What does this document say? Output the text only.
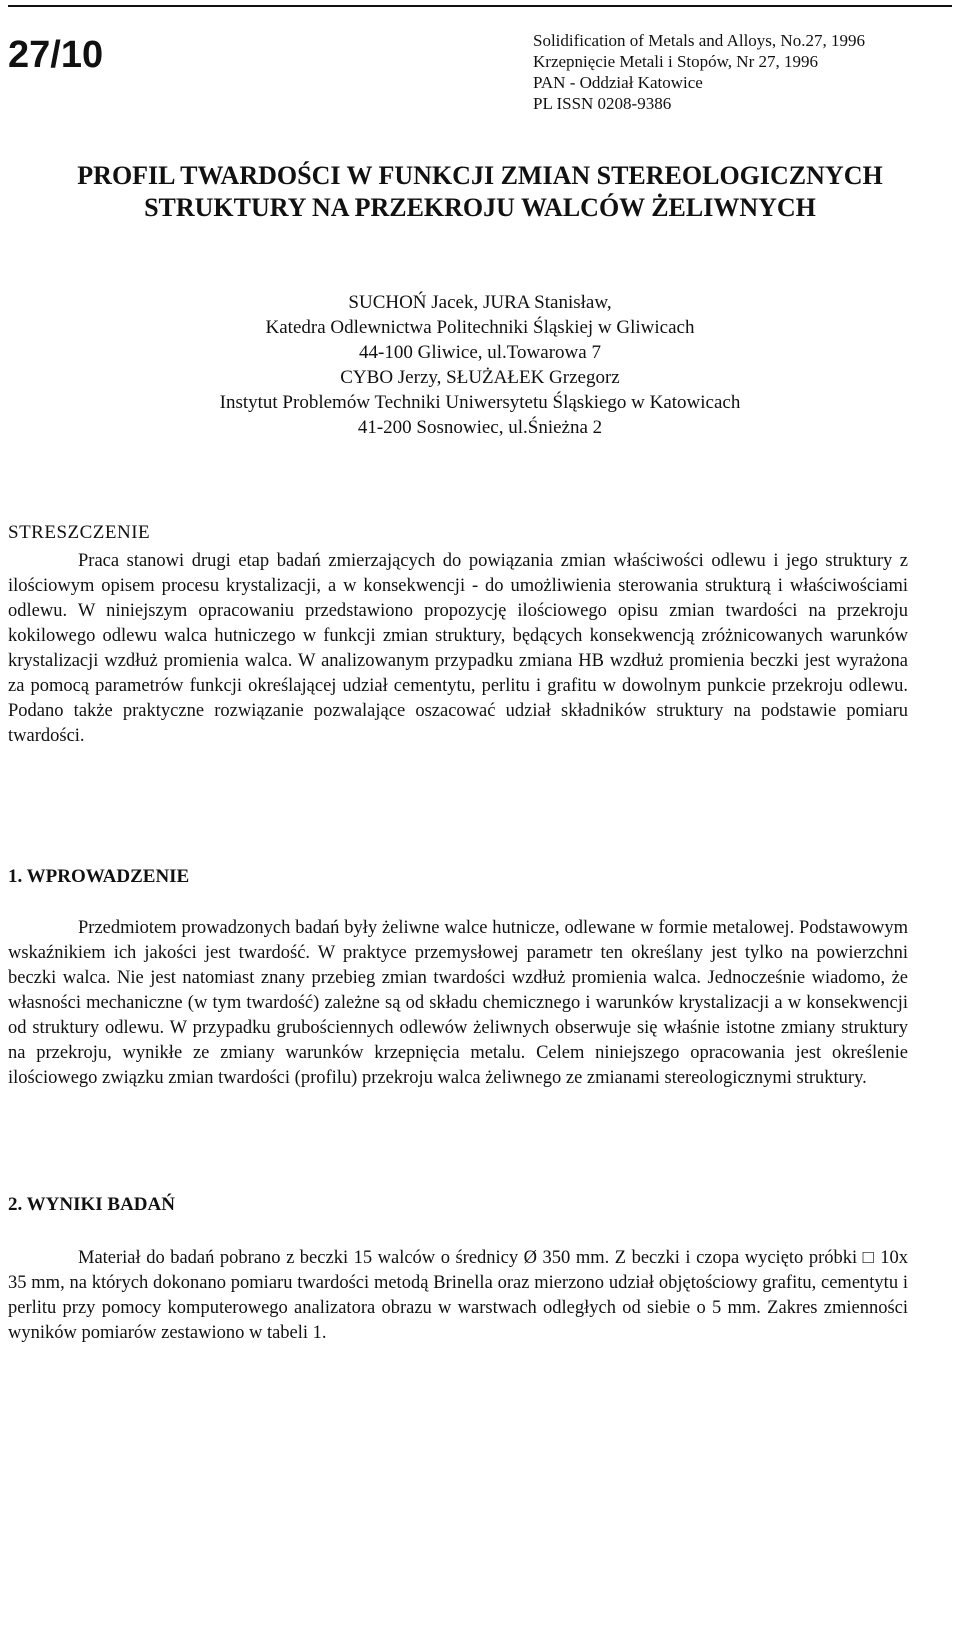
27/10	Solidification of Metals and Alloys, No.27, 1996
Krzepnięcie Metali i Stopów, Nr 27, 1996
PAN - Oddział Katowice
PL ISSN 0208-9386
PROFIL TWARDOŚCI W FUNKCJI ZMIAN STEREOLOGICZNYCH
STRUKTURY NA PRZEKROJU WALCÓW ŻELIWNYCH
SUCHOŃ Jacek, JURA Stanisław,
Katedra Odlewnictwa Politechniki Śląskiej w Gliwicach
44-100 Gliwice, ul.Towarowa 7
CYBO Jerzy, SŁUŻAŁEK Grzegorz
Instytut Problemów Techniki Uniwersytetu Śląskiego w Katowicach
41-200 Sosnowiec, ul.Śnieżna 2
STRESZCZENIE

Praca stanowi drugi etap badań zmierzających do powiązania zmian właściwości odlewu i jego struktury z ilościowym opisem procesu krystalizacji, a w konsekwencji - do umożliwienia sterowania strukturą i właściwościami odlewu. W niniejszym opracowaniu przedstawiono propozycję ilościowego opisu zmian twardości na przekroju kokilowego odlewu walca hutniczego w funkcji zmian struktury, będących konsekwencją zróżnicowanych warunków krystalizacji wzdłuż promienia walca. W analizowanym przypadku zmiana HB wzdłuż promienia beczki jest wyrażona za pomocą parametrów funkcji określającej udział cementytu, perlitu i grafitu w dowolnym punkcie przekroju odlewu. Podano także praktyczne rozwiązanie pozwalające oszacować udział składników struktury na podstawie pomiaru twardości.

1. WPROWADZENIE

Przedmiotem prowadzonych badań były żeliwne walce hutnicze, odlewane w formie metalowej. Podstawowym wskaźnikiem ich jakości jest twardość. W praktyce przemysłowej parametr ten określany jest tylko na powierzchni beczki walca. Nie jest natomiast znany przebieg zmian twardości wzdłuż promienia walca. Jednocześnie wiadomo, że własności mechaniczne (w tym twardość) zależne są od składu chemicznego i warunków krystalizacji a w konsekwencji od struktury odlewu. W przypadku grubościennych odlewów żeliwnych obserwuje się właśnie istotne zmiany struktury na przekroju, wynikłe ze zmiany warunków krzepnięcia metalu. Celem niniejszego opracowania jest określenie ilościowego związku zmian twardości (profilu) przekroju walca żeliwnego ze zmianami stereologicznymi struktury.

2. WYNIKI BADAŃ

Materiał do badań pobrano z beczki 15 walców o średnicy Ø 350 mm. Z beczki i czopa wycięto próbki □ 10x 35 mm, na których dokonano pomiaru twardości metodą Brinella oraz mierzono udział objętościowy grafitu, cementytu i perlitu przy pomocy komputerowego analizatora obrazu w warstwach odległych od siebie o 5 mm. Zakres zmienności wyników pomiarów zestawiono w tabeli 1.
